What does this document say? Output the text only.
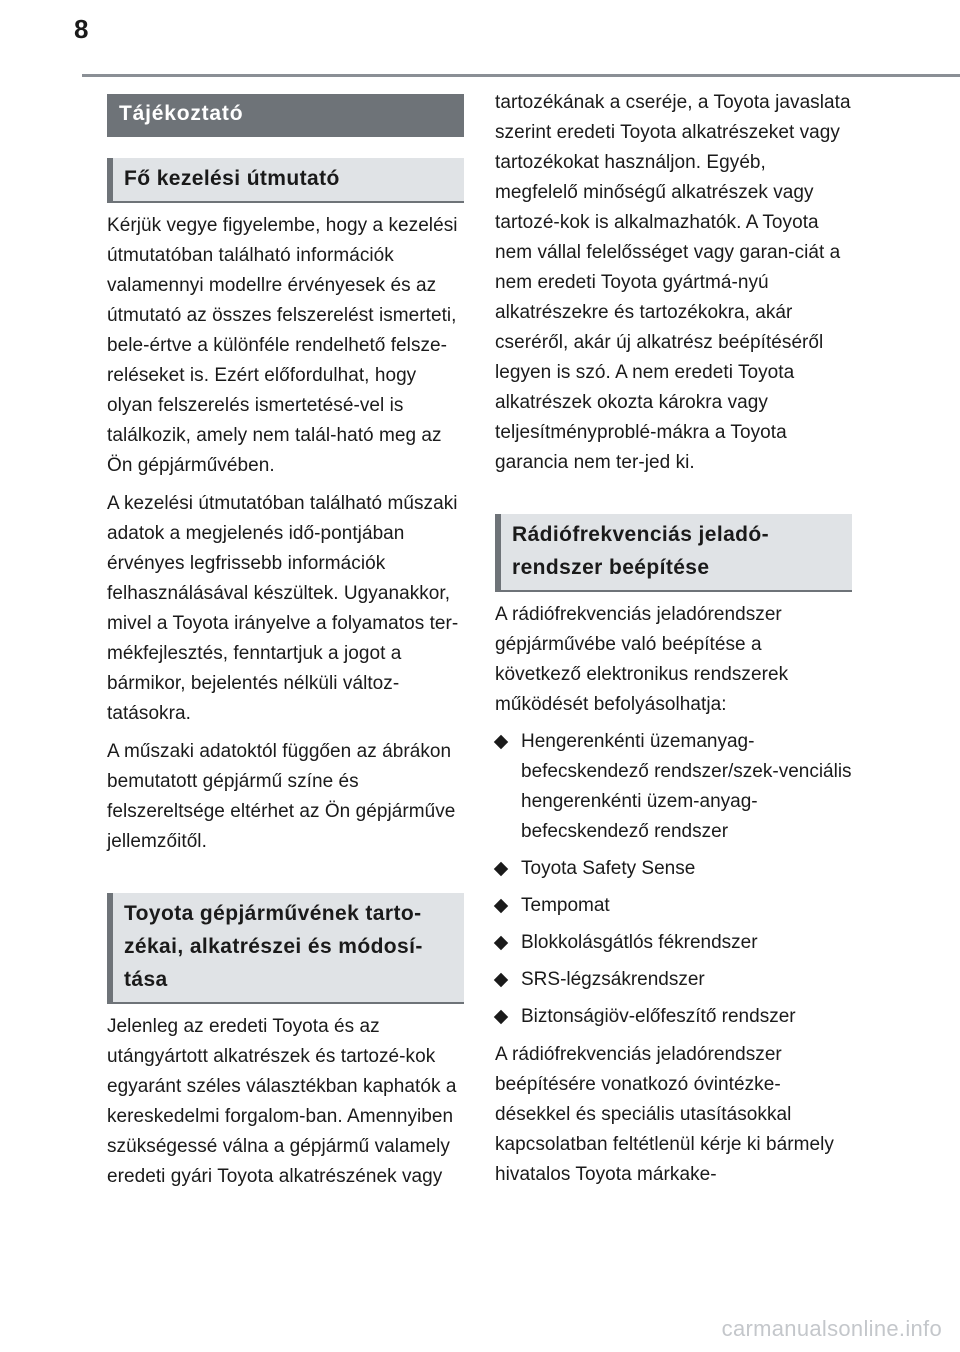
8
Tájékoztató
Fő kezelési útmutató

Kérjük vegye figyelembe, hogy a kezelési útmutatóban található információk valamennyi modellre érvényesek és az útmutató az összes felszerelést ismerteti, bele-értve a különféle rendelhető felsze-reléseket is. Ezért előfordulhat, hogy olyan felszerelés ismertetésé-vel is találkozik, amely nem talál-ható meg az Ön gépjárművében.

A kezelési útmutatóban található műszaki adatok a megjelenés idő-pontjában érvényes legfrissebb információk felhasználásával készültek. Ugyanakkor, mivel a Toyota irányelve a folyamatos ter-mékfejlesztés, fenntartjuk a jogot a bármikor, bejelentés nélküli változ-tatásokra.

A műszaki adatoktól függően az ábrákon bemutatott gépjármű színe és felszereltsége eltérhet az Ön gépjárműve jellemzőitől.

Toyota gépjárművének tarto-zékai, alkatrészei és módosí-tása

Jelenleg az eredeti Toyota és az utángyártott alkatrészek és tartozé-kok egyaránt széles választékban kaphatók a kereskedelmi forgalom-ban. Amennyiben szükségessé válna a gépjármű valamely eredeti gyári Toyota alkatrészének vagy

tartozékának a cseréje, a Toyota javaslata szerint eredeti Toyota alkatrészeket vagy tartozékokat használjon. Egyéb, megfelelő minőségű alkatrészek vagy tartozé-kok is alkalmazhatók. A Toyota nem vállal felelősséget vagy garan-ciát a nem eredeti Toyota gyártmá-nyú alkatrészekre és tartozékokra, akár cseréről, akár új alkatrész beépítéséről legyen is szó. A nem eredeti Toyota alkatrészek okozta károkra vagy teljesítményproblé-mákra a Toyota garancia nem ter-jed ki.

Rádiófrekvenciás jeladó-rendszer beépítése

A rádiófrekvenciás jeladórendszer gépjárművébe való beépítése a következő elektronikus rendszerek működését befolyásolhatja:

Hengerenkénti üzemanyag-befecskendező rendszer/szek-venciális hengerenkénti üzem-anyag-befecskendező rendszer
Toyota Safety Sense
Tempomat
Blokkolásgátlós fékrendszer
SRS-légzsákrendszer
Biztonságiöv-előfeszítő rendszer

A rádiófrekvenciás jeladórendszer beépítésére vonatkozó óvintézke-désekkel és speciális utasításokkal kapcsolatban feltétlenül kérje ki bármely hivatalos Toyota márkake-

carmanualsonline.info
